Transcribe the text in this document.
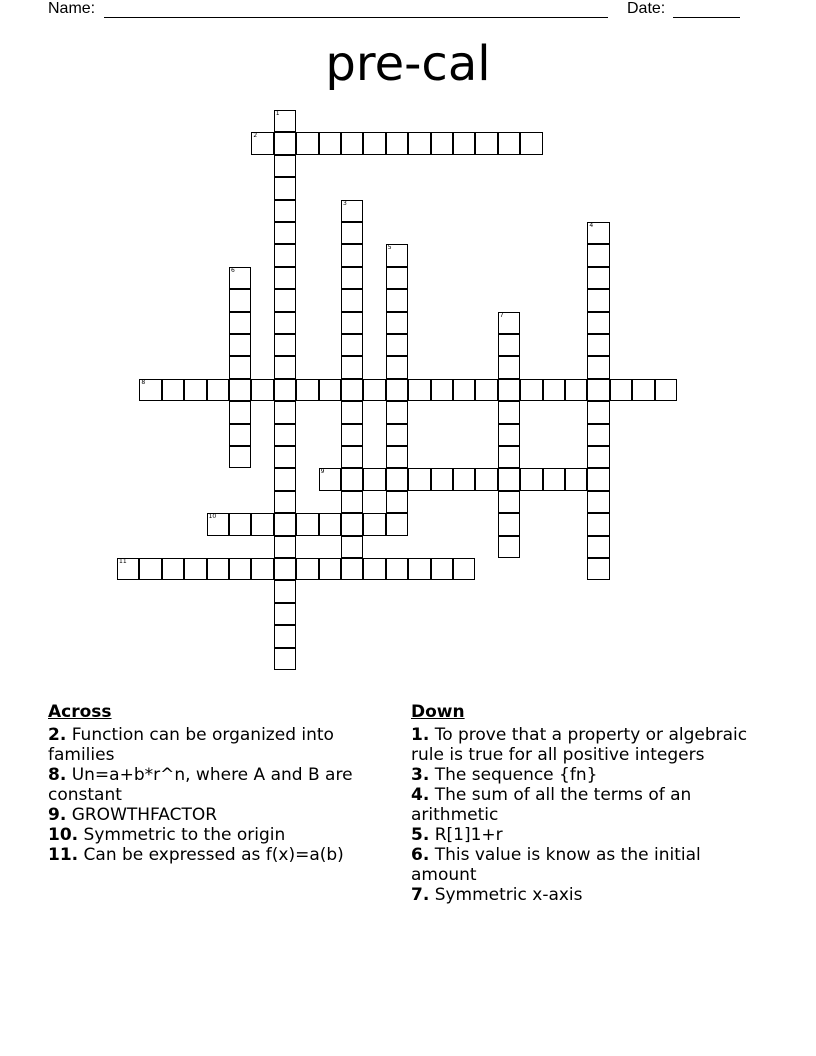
Name:	Date:
pre-cal
2
1
3
4
5
6
7
8
9
10
11
Across
2. Function can be organized into families
8. Un=a+b*r^n, where A and B are constant
9. GROWTHFACTOR
10. Symmetric to the origin
11. Can be expressed as f(x)=a(b)
Down
1. To prove that a property or algebraic rule is true for all positive integers
3. The sequence {fn}
4. The sum of all the terms of an arithmetic
5. R[1]1+r
6. This value is know as the initial amount
7. Symmetric x-axis
